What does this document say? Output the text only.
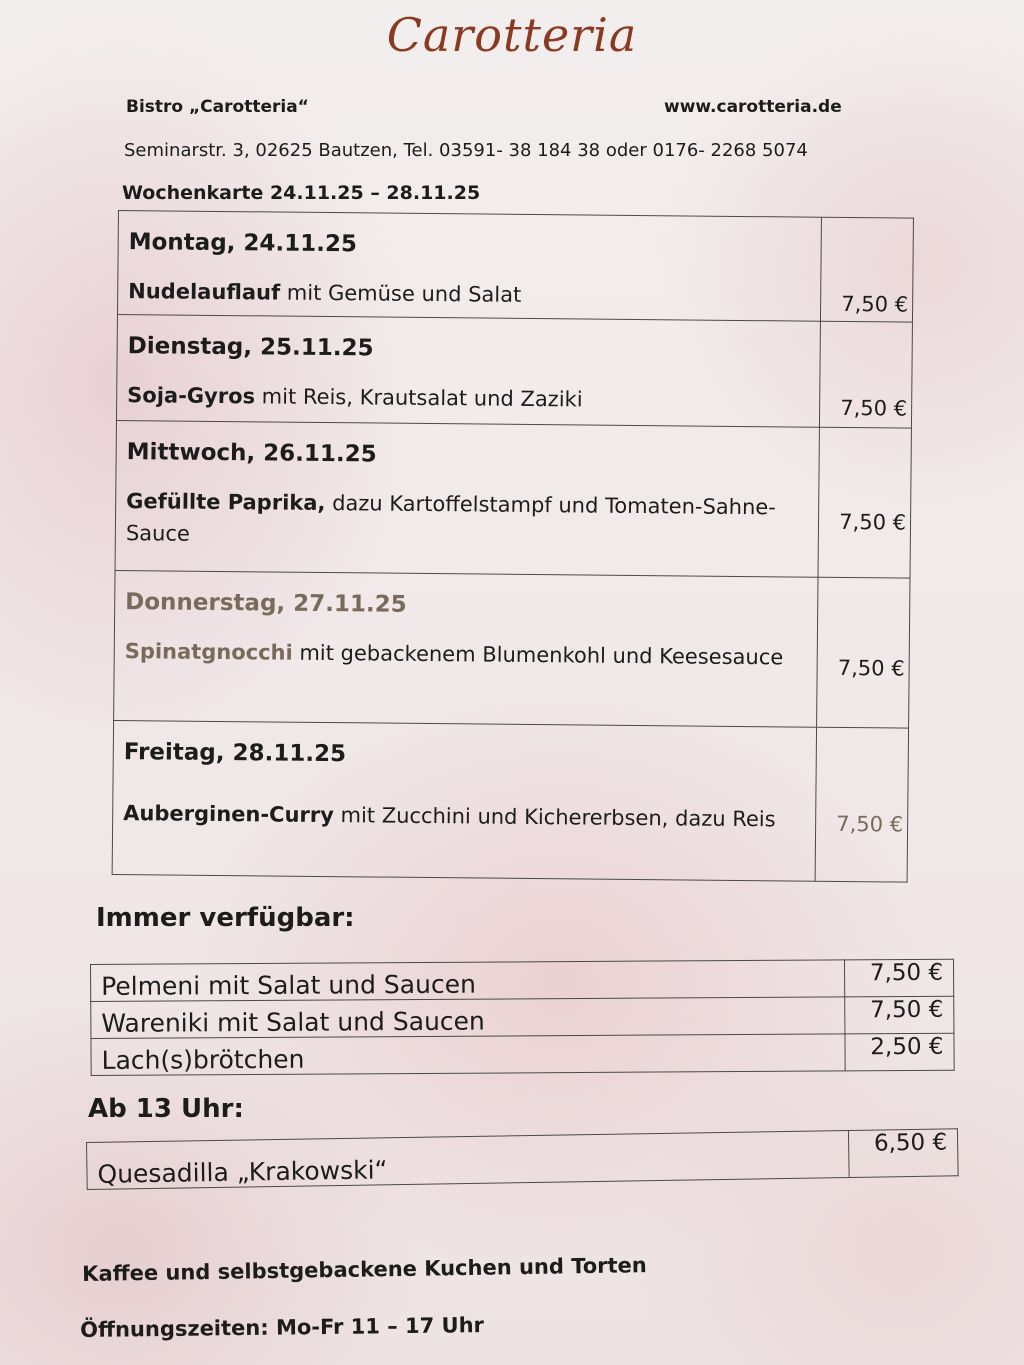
Carotteria
Bistro „Carotteria“	www.carotteria.de
Seminarstr. 3, 02625 Bautzen, Tel. 03591- 38 184 38 oder 0176- 2268 5074
Wochenkarte 24.11.25 – 28.11.25
Montag, 24.11.25
Nudelauflauf mit Gemüse und Salat	7,50 €

Dienstag, 25.11.25
Soja-Gyros mit Reis, Krautsalat und Zaziki	7,50 €

Mittwoch, 26.11.25
Gefüllte Paprika, dazu Kartoffelstampf und Tomaten-Sahne-Sauce	7,50 €

Donnerstag, 27.11.25
Spinatgnocchi mit gebackenem Blumenkohl und Keesesauce	7,50 €

Freitag, 28.11.25
Auberginen-Curry mit Zucchini und Kichererbsen, dazu Reis	7,50 €
Immer verfügbar:
Pelmeni mit Salat und Saucen	7,50 €
Wareniki mit Salat und Saucen	7,50 €
Lach(s)brötchen	2,50 €
Ab 13 Uhr:
Quesadilla „Krakowski“	6,50 €
Kaffee und selbstgebackene Kuchen und Torten
Öffnungszeiten: Mo-Fr 11 – 17 Uhr
